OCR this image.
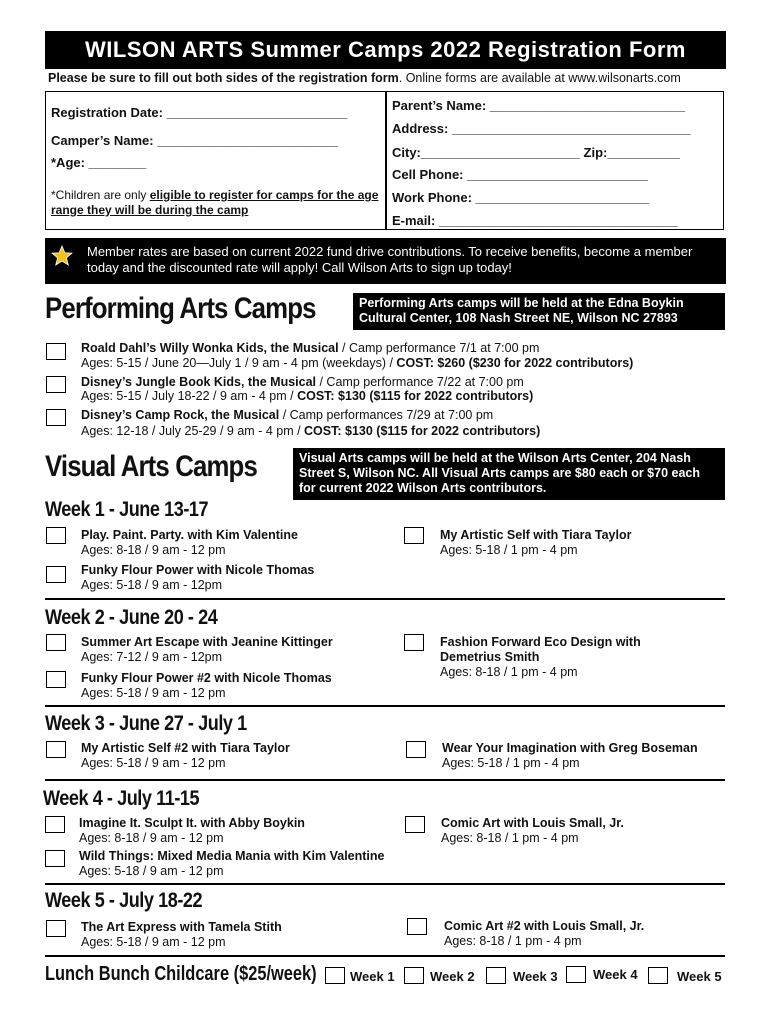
WILSON ARTS Summer Camps 2022 Registration Form
Please be sure to fill out both sides of the registration form. Online forms are available at www.wilsonarts.com
Registration Date: _________________________
Camper’s Name: _________________________
*Age: ________
*Children are only eligible to register for camps for the age range they will be during the camp
Parent’s Name: ___________________________
Address: _________________________________
City:______________________ Zip:__________
Cell Phone: _________________________
Work Phone: ________________________
E-mail: _________________________________
Member rates are based on current 2022 fund drive contributions. To receive benefits, become a member today and the discounted rate will apply! Call Wilson Arts to sign up today!
Performing Arts Camps	Performing Arts camps will be held at the Edna Boykin Cultural Center, 108 Nash Street NE, Wilson NC 27893
Roald Dahl’s Willy Wonka Kids, the Musical / Camp performance 7/1 at 7:00 pm
Ages: 5-15 / June 20—July 1 / 9 am - 4 pm (weekdays) / COST: $260 ($230 for 2022 contributors)
Disney’s Jungle Book Kids, the Musical / Camp performance 7/22 at 7:00 pm
Ages: 5-15 / July 18-22 / 9 am - 4 pm / COST: $130 ($115 for 2022 contributors)
Disney’s Camp Rock, the Musical / Camp performances 7/29 at 7:00 pm
Ages: 12-18 / July 25-29 / 9 am - 4 pm / COST: $130 ($115 for 2022 contributors)
Visual Arts Camps	Visual Arts camps will be held at the Wilson Arts Center, 204 Nash Street S, Wilson NC. All Visual Arts camps are $80 each or $70 each for current 2022 Wilson Arts contributors.
Week 1 - June 13-17
Play. Paint. Party. with Kim Valentine
Ages: 8-18 / 9 am - 12 pm
Funky Flour Power with Nicole Thomas
Ages: 5-18 / 9 am - 12pm
My Artistic Self with Tiara Taylor
Ages: 5-18 / 1 pm - 4 pm
Week 2 - June 20 - 24
Summer Art Escape with Jeanine Kittinger
Ages: 7-12 / 9 am - 12pm
Funky Flour Power #2 with Nicole Thomas
Ages: 5-18 / 9 am - 12 pm
Fashion Forward Eco Design with
Demetrius Smith
Ages: 8-18 / 1 pm - 4 pm
Week 3 - June 27 - July 1
My Artistic Self #2 with Tiara Taylor
Ages: 5-18 / 9 am - 12 pm
Wear Your Imagination with Greg Boseman
Ages: 5-18 / 1 pm - 4 pm
Week 4 - July 11-15
Imagine It. Sculpt It. with Abby Boykin
Ages: 8-18 / 9 am - 12 pm
Wild Things: Mixed Media Mania with Kim Valentine
Ages: 5-18 / 9 am - 12 pm
Comic Art with Louis Small, Jr.
Ages: 8-18 / 1 pm - 4 pm
Week 5 - July 18-22
The Art Express with Tamela Stith
Ages: 5-18 / 9 am - 12 pm
Comic Art #2 with Louis Small, Jr.
Ages: 8-18 / 1 pm - 4 pm
Lunch Bunch Childcare ($25/week)	Week 1	Week 2	Week 3	Week 4	Week 5
